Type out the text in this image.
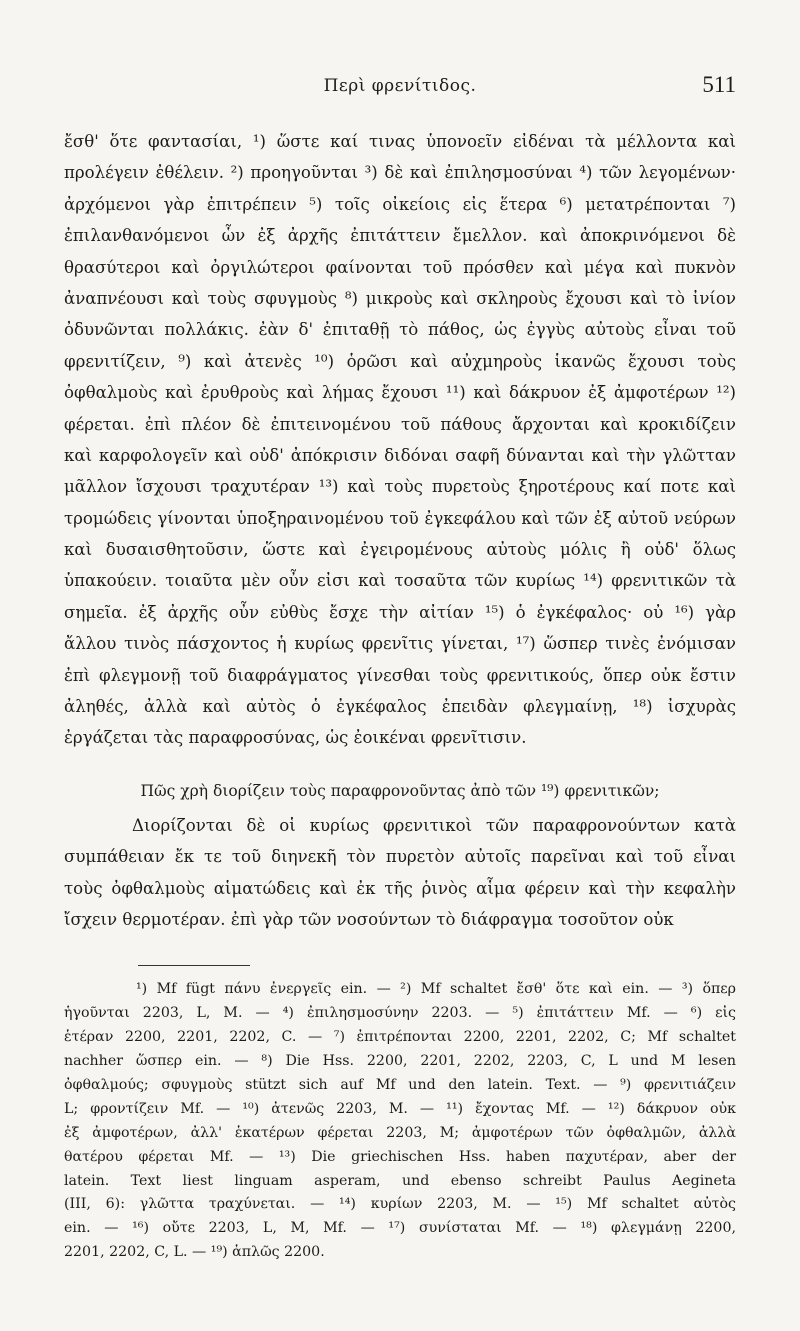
Περὶ φρενίτιδος.	511
ἔσθ' ὅτε φαντασίαι, ¹) ὥστε καί τινας ὑπονοεῖν εἰδέναι τὰ μέλλοντα καὶ
προλέγειν ἐθέλειν. ²) προηγοῦνται ³) δὲ καὶ ἐπιλησμοσύναι ⁴) τῶν λεγομένων·
ἀρχόμενοι γὰρ ἐπιτρέπειν ⁵) τοῖς οἰκείοις εἰς ἕτερα ⁶) μετατρέπονται ⁷)
ἐπιλανθανόμενοι ὧν ἐξ ἀρχῆς ἐπιτάττειν ἔμελλον. καὶ ἀποκρινόμενοι δὲ
θρασύτεροι καὶ ὀργιλώτεροι φαίνονται τοῦ πρόσθεν καὶ μέγα καὶ πυκνὸν
ἀναπνέουσι καὶ τοὺς σφυγμοὺς ⁸) μικροὺς καὶ σκληροὺς ἔχουσι καὶ τὸ ἰνίον
ὀδυνῶνται πολλάκις. ἐὰν δ' ἐπιταθῇ τὸ πάθος, ὡς ἐγγὺς αὐτοὺς εἶναι τοῦ
φρενιτίζειν, ⁹) καὶ ἀτενὲς ¹⁰) ὁρῶσι καὶ αὐχμηροὺς ἱκανῶς ἔχουσι τοὺς
ὀφθαλμοὺς καὶ ἐρυθροὺς καὶ λήμας ἔχουσι ¹¹) καὶ δάκρυον ἐξ ἀμφοτέρων ¹²)
φέρεται. ἐπὶ πλέον δὲ ἐπιτεινομένου τοῦ πάθους ἄρχονται καὶ κροκιδίζειν
καὶ καρφολογεῖν καὶ οὐδ' ἀπόκρισιν διδόναι σαφῆ δύνανται καὶ τὴν γλῶτταν
μᾶλλον ἴσχουσι τραχυτέραν ¹³) καὶ τοὺς πυρετοὺς ξηροτέρους καί ποτε καὶ
τρομώδεις γίνονται ὑποξηραινομένου τοῦ ἐγκεφάλου καὶ τῶν ἐξ αὐτοῦ νεύρων
καὶ δυσαισθητοῦσιν, ὥστε καὶ ἐγειρομένους αὐτοὺς μόλις ἢ οὐδ' ὅλως
ὑπακούειν. τοιαῦτα μὲν οὖν εἰσι καὶ τοσαῦτα τῶν κυρίως ¹⁴) φρενιτικῶν τὰ
σημεῖα. ἐξ ἀρχῆς οὖν εὐθὺς ἔσχε τὴν αἰτίαν ¹⁵) ὁ ἐγκέφαλος· οὐ ¹⁶) γὰρ
ἄλλου τινὸς πάσχοντος ἡ κυρίως φρενῖτις γίνεται, ¹⁷) ὥσπερ τινὲς ἐνόμισαν
ἐπὶ φλεγμονῇ τοῦ διαφράγματος γίνεσθαι τοὺς φρενιτικούς, ὅπερ οὐκ ἔστιν
ἀληθές, ἀλλὰ καὶ αὐτὸς ὁ ἐγκέφαλος ἐπειδὰν φλεγμαίνῃ, ¹⁸) ἰσχυρὰς
ἐργάζεται τὰς παραφροσύνας, ὡς ἐοικέναι φρενῖτισιν.
Πῶς χρὴ διορίζειν τοὺς παραφρονοῦντας ἀπὸ τῶν ¹⁹) φρενιτικῶν;
Διορίζονται δὲ οἱ κυρίως φρενιτικοὶ τῶν παραφρονούντων κατὰ
συμπάθειαν ἔκ τε τοῦ διηνεκῆ τὸν πυρετὸν αὐτοῖς παρεῖναι καὶ τοῦ εἶναι
τοὺς ὀφθαλμοὺς αἱματώδεις καὶ ἐκ τῆς ῥινὸς αἷμα φέρειν καὶ τὴν κεφαλὴν
ἴσχειν θερμοτέραν. ἐπὶ γὰρ τῶν νοσούντων τὸ διάφραγμα τοσοῦτον οὐκ
¹) Mf fügt πάνυ ἐνεργεῖς ein. — ²) Mf schaltet ἔσθ' ὅτε καὶ ein. — ³) ὅπερ
ἡγοῦνται 2203, L, M. — ⁴) ἐπιλησμοσύνην 2203. — ⁵) ἐπιτάττειν Mf. — ⁶) εἰς
ἑτέραν 2200, 2201, 2202, C. — ⁷) ἐπιτρέπονται 2200, 2201, 2202, C; Mf schaltet
nachher ὥσπερ ein. — ⁸) Die Hss. 2200, 2201, 2202, 2203, C, L und M lesen
ὀφθαλμούς; σφυγμοὺς stützt sich auf Mf und den latein. Text. — ⁹) φρενιτιάζειν
L; φροντίζειν Mf. — ¹⁰) ἀτενῶς 2203, M. — ¹¹) ἔχοντας Mf. — ¹²) δάκρυον οὐκ
ἐξ ἀμφοτέρων, ἀλλ' ἑκατέρων φέρεται 2203, M; ἀμφοτέρων τῶν ὀφθαλμῶν, ἀλλὰ
θατέρου φέρεται Mf. — ¹³) Die griechischen Hss. haben παχυτέραν, aber der
latein. Text liest linguam asperam, und ebenso schreibt Paulus Aegineta
(III, 6): γλῶττα τραχύνεται. — ¹⁴) κυρίων 2203, M. — ¹⁵) Mf schaltet αὐτὸς
ein. — ¹⁶) οὔτε 2203, L, M, Mf. — ¹⁷) συνίσταται Mf. — ¹⁸) φλεγμάνῃ 2200,
2201, 2202, C, L. — ¹⁹) ἁπλῶς 2200.
